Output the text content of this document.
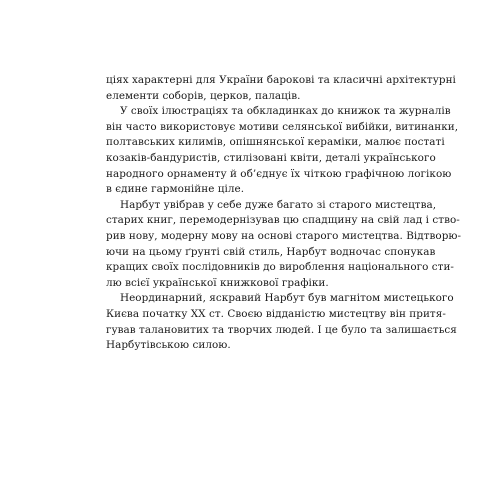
ціях характерні для України барокові та класичні архітектурні
елементи соборів, церков, палаців.

У своїх ілюстраціях та обкладинках до книжок та журналів
він часто використовує мотиви селянської вибійки, витинанки,
полтавських килимів, опішнянської кераміки, малює постаті
козаків-бандуристів, стилізовані квіти, деталі українського
народного орнаменту й об’єднує їх чіткою графічною логікою
в єдине гармонійне ціле.

Нарбут увібрав у себе дуже багато зі старого мистецтва,
старих книг, перемодернізував цю спадщину на свій лад і ство-
рив нову, модерну мову на основі старого мистецтва. Відтворю-
ючи на цьому ґрунті свій стиль, Нарбут водночас спонукав
кращих своїх послідовників до вироблення національного сти-
лю всієї української книжкової графіки.

Неординарний, яскравий Нарбут був магнітом мистецького
Києва початку XX ст. Своєю відданістю мистецтву він притя-
гував талановитих та творчих людей. І це було та залишається
Нарбутівською силою.
